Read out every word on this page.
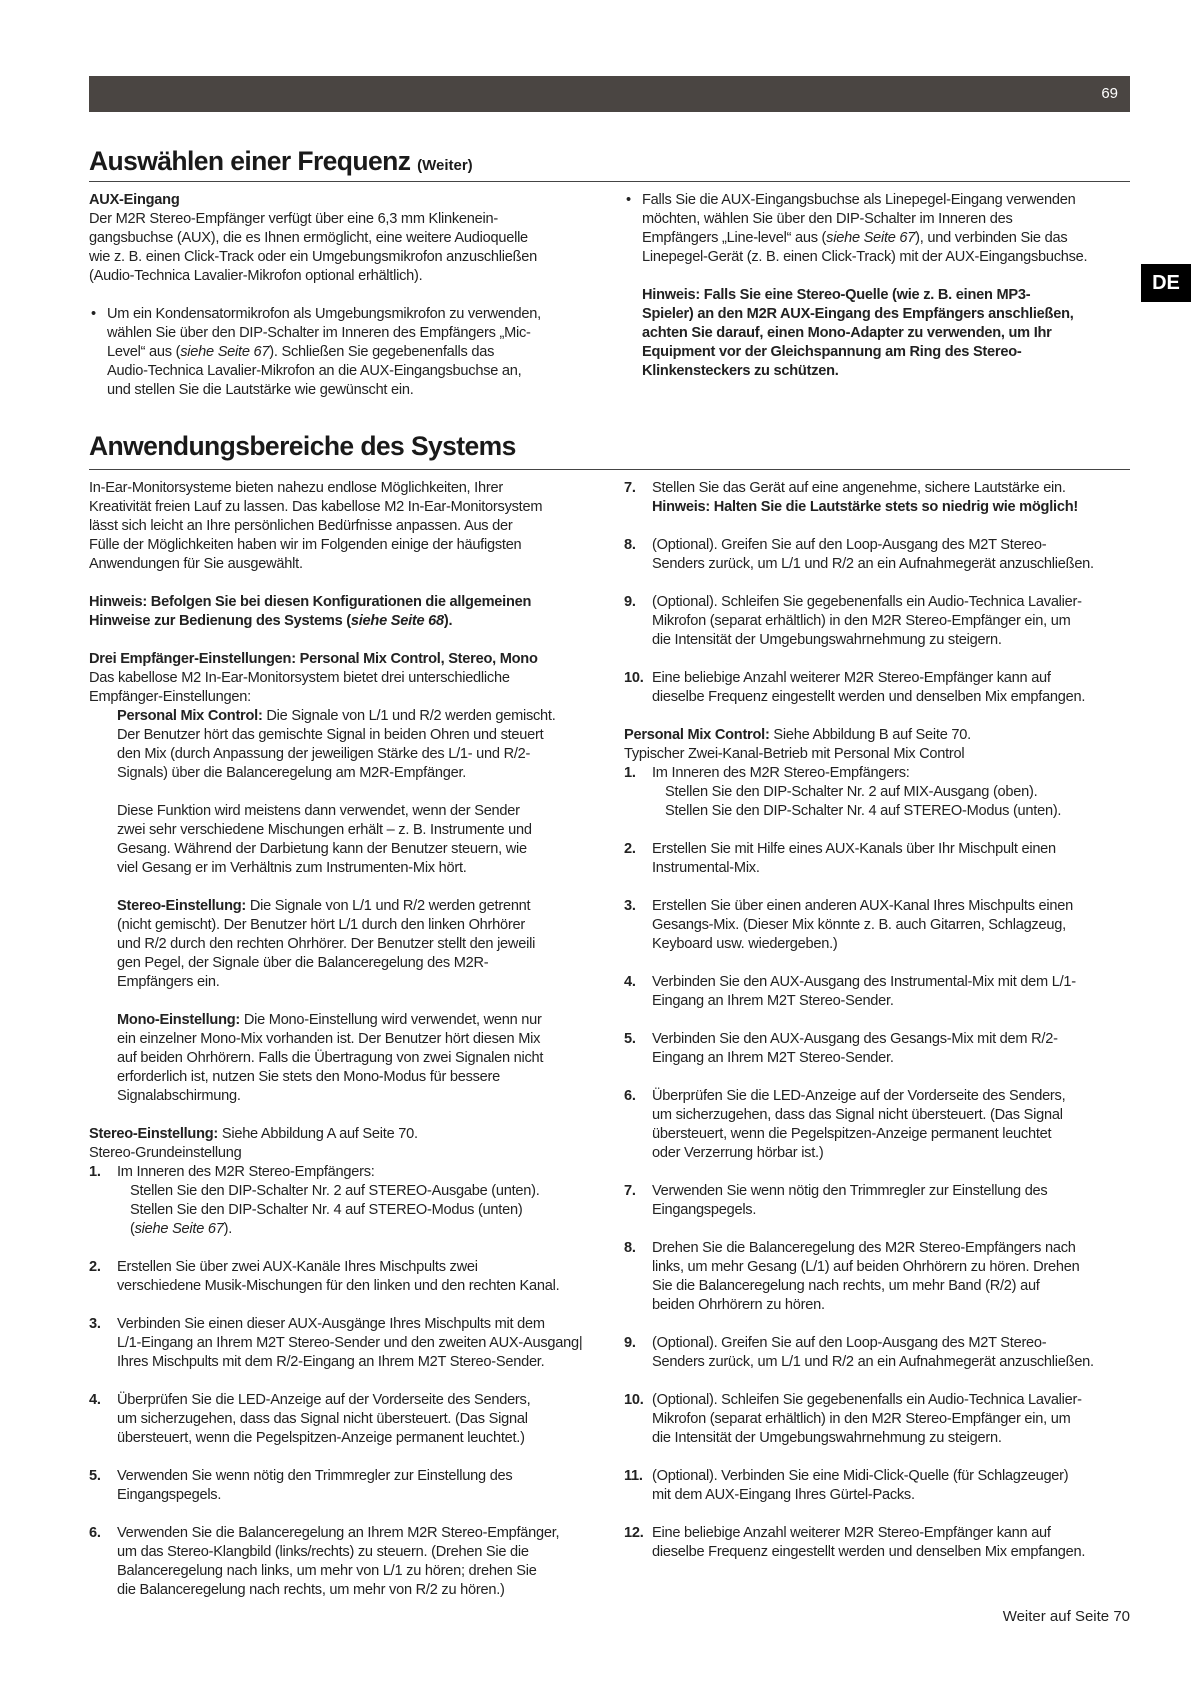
69
DE
Auswählen einer Frequenz (Weiter)

AUX-Eingang

Der M2R Stereo-Empfänger verfügt über eine 6,3 mm Klinkenein-

gangsbuchse (AUX), die es Ihnen ermöglicht, eine weitere Audioquelle

wie z. B. einen Click-Track oder ein Umgebungsmikrofon anzuschließen

(Audio-Technica Lavalier-Mikrofon optional erhältlich).

• Um ein Kondensatormikrofon als Umgebungsmikrofon zu verwenden,

wählen Sie über den DIP-Schalter im Inneren des Empfängers „Mic-

Level“ aus (siehe Seite 67). Schließen Sie gegebenenfalls das

Audio-Technica Lavalier-Mikrofon an die AUX-Eingangsbuchse an,

und stellen Sie die Lautstärke wie gewünscht ein.

• Falls Sie die AUX-Eingangsbuchse als Linepegel-Eingang verwenden

möchten, wählen Sie über den DIP-Schalter im Inneren des

Empfängers „Line-level“ aus (siehe Seite 67), und verbinden Sie das

Linepegel-Gerät (z. B. einen Click-Track) mit der AUX-Eingangsbuchse.

Hinweis: Falls Sie eine Stereo-Quelle (wie z. B. einen MP3-

Spieler) an den M2R AUX-Eingang des Empfängers anschließen,

achten Sie darauf, einen Mono-Adapter zu verwenden, um Ihr

Equipment vor der Gleichspannung am Ring des Stereo-

Klinkensteckers zu schützen.

Anwendungsbereiche des Systems

In-Ear-Monitorsysteme bieten nahezu endlose Möglichkeiten, Ihrer

Kreativität freien Lauf zu lassen. Das kabellose M2 In-Ear-Monitorsystem

lässt sich leicht an Ihre persönlichen Bedürfnisse anpassen. Aus der

Fülle der Möglichkeiten haben wir im Folgenden einige der häufigsten

Anwendungen für Sie ausgewählt.

Hinweis: Befolgen Sie bei diesen Konfigurationen die allgemeinen

Hinweise zur Bedienung des Systems (siehe Seite 68).

Drei Empfänger-Einstellungen: Personal Mix Control, Stereo, Mono

Das kabellose M2 In-Ear-Monitorsystem bietet drei unterschiedliche

Empfänger-Einstellungen:

Personal Mix Control: Die Signale von L/1 und R/2 werden gemischt.

Der Benutzer hört das gemischte Signal in beiden Ohren und steuert

den Mix (durch Anpassung der jeweiligen Stärke des L/1- und R/2-

Signals) über die Balanceregelung am M2R-Empfänger.

Diese Funktion wird meistens dann verwendet, wenn der Sender

zwei sehr verschiedene Mischungen erhält – z. B. Instrumente und

Gesang. Während der Darbietung kann der Benutzer steuern, wie

viel Gesang er im Verhältnis zum Instrumenten-Mix hört.

Stereo-Einstellung: Die Signale von L/1 und R/2 werden getrennt

(nicht gemischt). Der Benutzer hört L/1 durch den linken Ohrhörer

und R/2 durch den rechten Ohrhörer. Der Benutzer stellt den jeweili

gen Pegel, der Signale über die Balanceregelung des M2R-

Empfängers ein.

Mono-Einstellung: Die Mono-Einstellung wird verwendet, wenn nur

ein einzelner Mono-Mix vorhanden ist. Der Benutzer hört diesen Mix

auf beiden Ohrhörern. Falls die Übertragung von zwei Signalen nicht

erforderlich ist, nutzen Sie stets den Mono-Modus für bessere

Signalabschirmung.

Stereo-Einstellung: Siehe Abbildung A auf Seite 70.

Stereo-Grundeinstellung

1. Im Inneren des M2R Stereo-Empfängers:

Stellen Sie den DIP-Schalter Nr. 2 auf STEREO-Ausgabe (unten).

Stellen Sie den DIP-Schalter Nr. 4 auf STEREO-Modus (unten)

(siehe Seite 67).

2. Erstellen Sie über zwei AUX-Kanäle Ihres Mischpults zwei

verschiedene Musik-Mischungen für den linken und den rechten Kanal.

3. Verbinden Sie einen dieser AUX-Ausgänge Ihres Mischpults mit dem

L/1-Eingang an Ihrem M2T Stereo-Sender und den zweiten AUX-Ausgang|

Ihres Mischpults mit dem R/2-Eingang an Ihrem M2T Stereo-Sender.

4. Überprüfen Sie die LED-Anzeige auf der Vorderseite des Senders,

um sicherzugehen, dass das Signal nicht übersteuert. (Das Signal

übersteuert, wenn die Pegelspitzen-Anzeige permanent leuchtet.)

5. Verwenden Sie wenn nötig den Trimmregler zur Einstellung des

Eingangspegels.

6. Verwenden Sie die Balanceregelung an Ihrem M2R Stereo-Empfänger,

um das Stereo-Klangbild (links/rechts) zu steuern. (Drehen Sie die

Balanceregelung nach links, um mehr von L/1 zu hören; drehen Sie

die Balanceregelung nach rechts, um mehr von R/2 zu hören.)

7. Stellen Sie das Gerät auf eine angenehme, sichere Lautstärke ein.

Hinweis: Halten Sie die Lautstärke stets so niedrig wie möglich!

8. (Optional). Greifen Sie auf den Loop-Ausgang des M2T Stereo-

Senders zurück, um L/1 und R/2 an ein Aufnahmegerät anzuschließen.

9. (Optional). Schleifen Sie gegebenenfalls ein Audio-Technica Lavalier-

Mikrofon (separat erhältlich) in den M2R Stereo-Empfänger ein, um

die Intensität der Umgebungswahrnehmung zu steigern.

10. Eine beliebige Anzahl weiterer M2R Stereo-Empfänger kann auf

dieselbe Frequenz eingestellt werden und denselben Mix empfangen.

Personal Mix Control: Siehe Abbildung B auf Seite 70.

Typischer Zwei-Kanal-Betrieb mit Personal Mix Control

1. Im Inneren des M2R Stereo-Empfängers:

Stellen Sie den DIP-Schalter Nr. 2 auf MIX-Ausgang (oben).

Stellen Sie den DIP-Schalter Nr. 4 auf STEREO-Modus (unten).

2. Erstellen Sie mit Hilfe eines AUX-Kanals über Ihr Mischpult einen

Instrumental-Mix.

3. Erstellen Sie über einen anderen AUX-Kanal Ihres Mischpults einen

Gesangs-Mix. (Dieser Mix könnte z. B. auch Gitarren, Schlagzeug,

Keyboard usw. wiedergeben.)

4. Verbinden Sie den AUX-Ausgang des Instrumental-Mix mit dem L/1-

Eingang an Ihrem M2T Stereo-Sender.

5. Verbinden Sie den AUX-Ausgang des Gesangs-Mix mit dem R/2-

Eingang an Ihrem M2T Stereo-Sender.

6. Überprüfen Sie die LED-Anzeige auf der Vorderseite des Senders,

um sicherzugehen, dass das Signal nicht übersteuert. (Das Signal

übersteuert, wenn die Pegelspitzen-Anzeige permanent leuchtet

oder Verzerrung hörbar ist.)

7. Verwenden Sie wenn nötig den Trimmregler zur Einstellung des

Eingangspegels.

8. Drehen Sie die Balanceregelung des M2R Stereo-Empfängers nach

links, um mehr Gesang (L/1) auf beiden Ohrhörern zu hören. Drehen

Sie die Balanceregelung nach rechts, um mehr Band (R/2) auf

beiden Ohrhörern zu hören.

9. (Optional). Greifen Sie auf den Loop-Ausgang des M2T Stereo-

Senders zurück, um L/1 und R/2 an ein Aufnahmegerät anzuschließen.

10. (Optional). Schleifen Sie gegebenenfalls ein Audio-Technica Lavalier-

Mikrofon (separat erhältlich) in den M2R Stereo-Empfänger ein, um

die Intensität der Umgebungswahrnehmung zu steigern.

11. (Optional). Verbinden Sie eine Midi-Click-Quelle (für Schlagzeuger)

mit dem AUX-Eingang Ihres Gürtel-Packs.

12. Eine beliebige Anzahl weiterer M2R Stereo-Empfänger kann auf

dieselbe Frequenz eingestellt werden und denselben Mix empfangen.

Weiter auf Seite 70
